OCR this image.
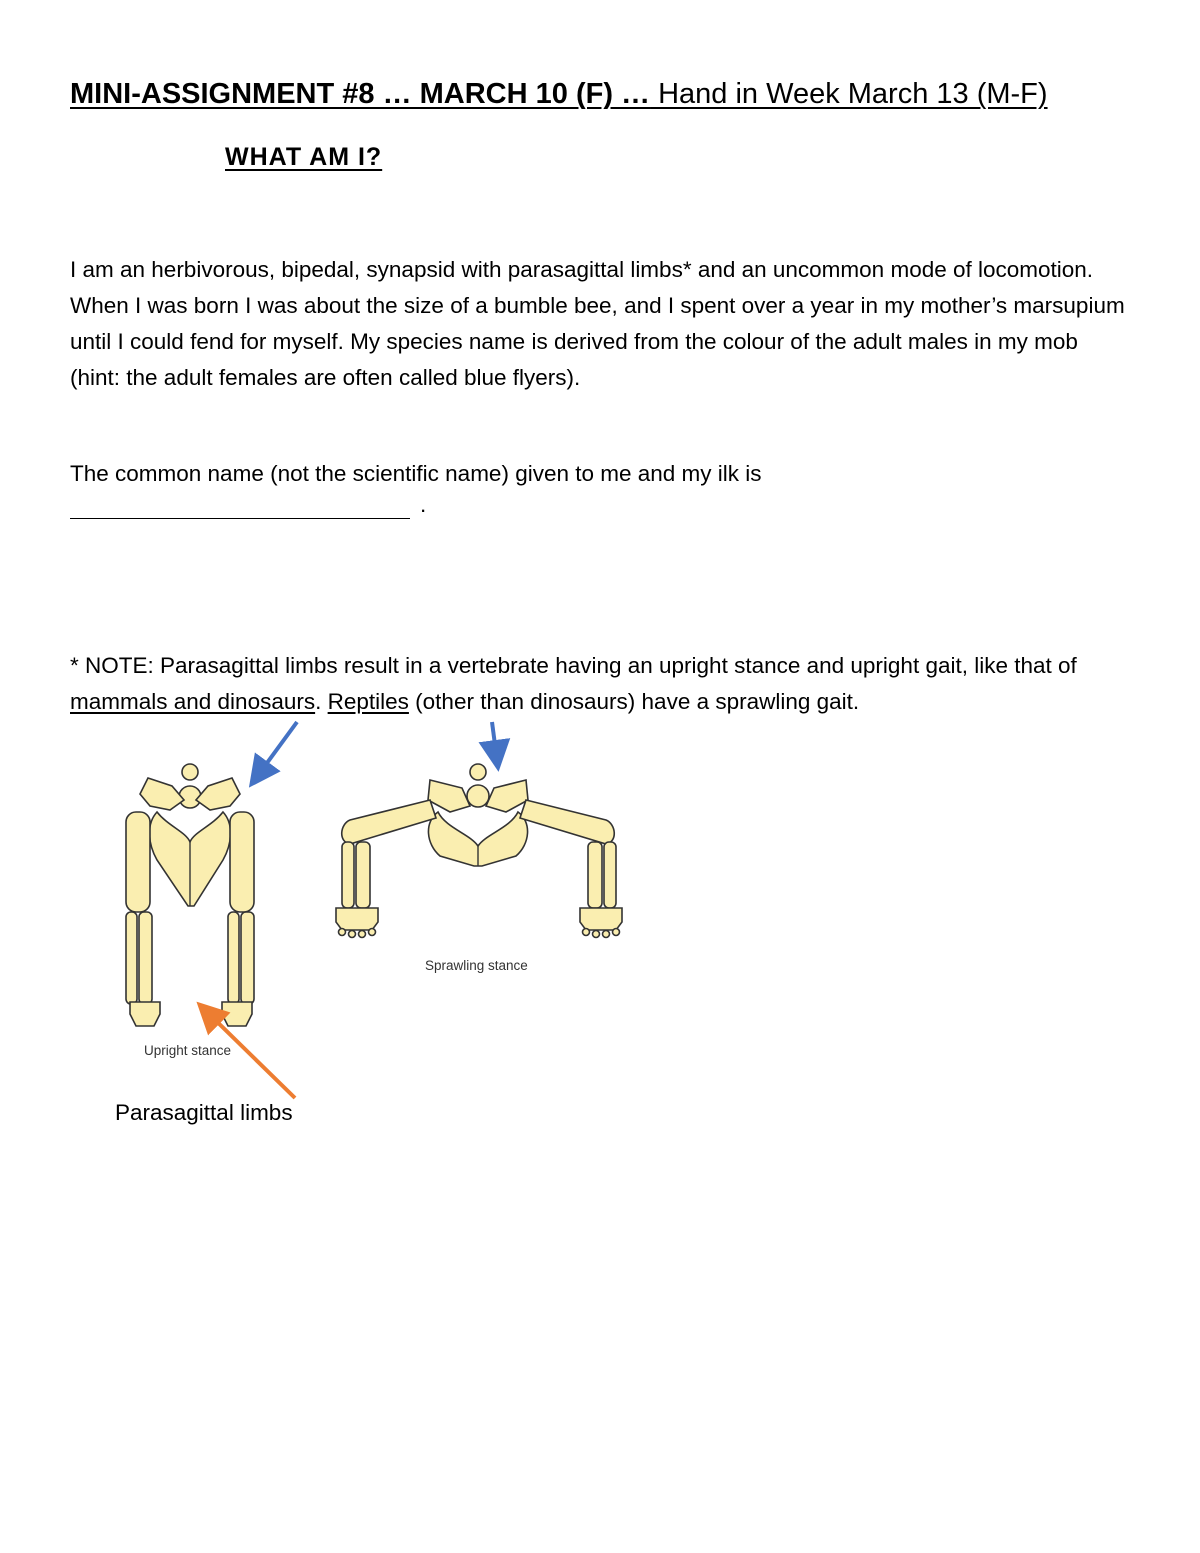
MINI-ASSIGNMENT #8 … MARCH 10 (F) … Hand in Week March 13 (M-F)
WHAT AM I?
I am an herbivorous, bipedal, synapsid with parasagittal limbs* and an uncommon mode of locomotion. When I was born I was about the size of a bumble bee, and I spent over a year in my mother’s marsupium until I could fend for myself. My species name is derived from the colour of the adult males in my mob (hint: the adult females are often called blue flyers).
The common name (not the scientific name) given to me and my ilk is
.
* NOTE: Parasagittal limbs result in a vertebrate having an upright stance and upright gait, like that of mammals and dinosaurs. Reptiles (other than dinosaurs) have a sprawling gait.
Upright stance
Sprawling stance
Parasagittal limbs
